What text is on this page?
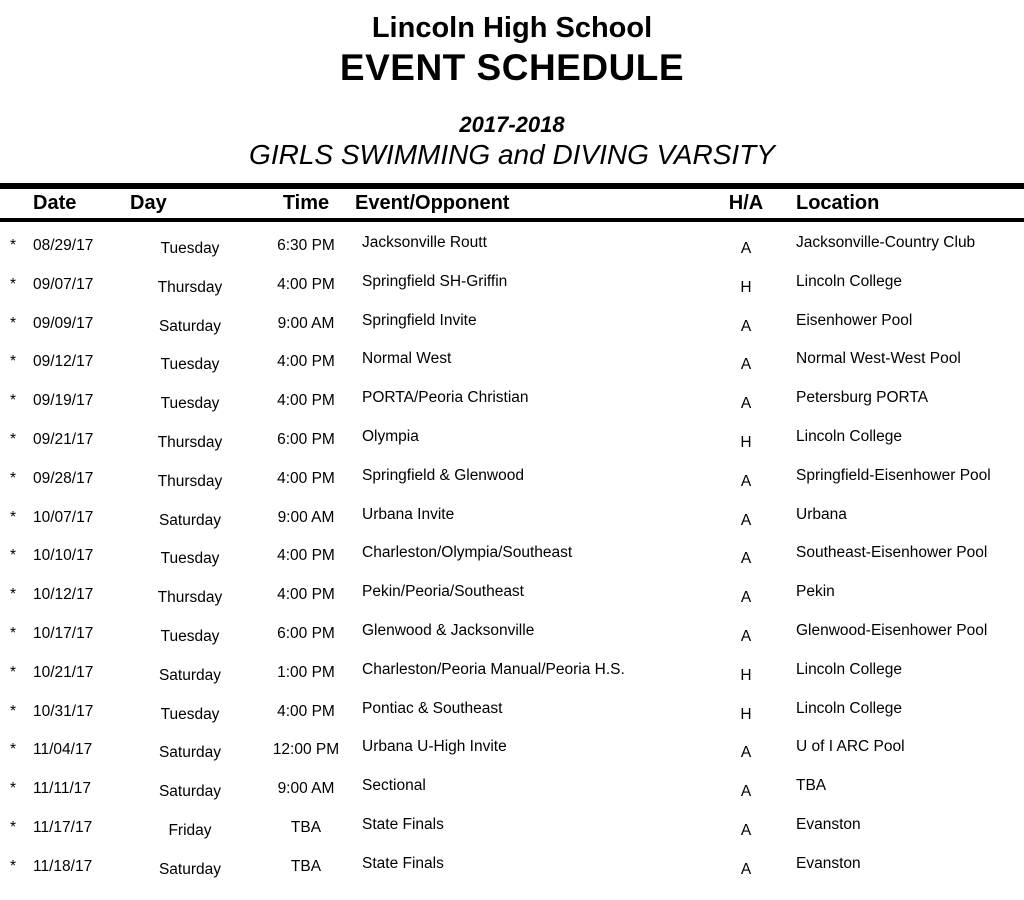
Lincoln High School
EVENT SCHEDULE
2017-2018
GIRLS SWIMMING and DIVING VARSITY
Date	Day	Time	Event/Opponent	H/A	Location
*	08/29/17	Tuesday	6:30 PM	Jacksonville Routt	A	Jacksonville-Country Club
*	09/07/17	Thursday	4:00 PM	Springfield SH-Griffin	H	Lincoln College
*	09/09/17	Saturday	9:00 AM	Springfield Invite	A	Eisenhower Pool
*	09/12/17	Tuesday	4:00 PM	Normal West	A	Normal West-West Pool
*	09/19/17	Tuesday	4:00 PM	PORTA/Peoria Christian	A	Petersburg PORTA
*	09/21/17	Thursday	6:00 PM	Olympia	H	Lincoln College
*	09/28/17	Thursday	4:00 PM	Springfield & Glenwood	A	Springfield-Eisenhower Pool
*	10/07/17	Saturday	9:00 AM	Urbana Invite	A	Urbana
*	10/10/17	Tuesday	4:00 PM	Charleston/Olympia/Southeast	A	Southeast-Eisenhower Pool
*	10/12/17	Thursday	4:00 PM	Pekin/Peoria/Southeast	A	Pekin
*	10/17/17	Tuesday	6:00 PM	Glenwood & Jacksonville	A	Glenwood-Eisenhower Pool
*	10/21/17	Saturday	1:00 PM	Charleston/Peoria Manual/Peoria H.S.	H	Lincoln College
*	10/31/17	Tuesday	4:00 PM	Pontiac & Southeast	H	Lincoln College
*	11/04/17	Saturday	12:00 PM	Urbana U-High Invite	A	U of I ARC Pool
*	11/11/17	Saturday	9:00 AM	Sectional	A	TBA
*	11/17/17	Friday	TBA	State Finals	A	Evanston
*	11/18/17	Saturday	TBA	State Finals	A	Evanston
